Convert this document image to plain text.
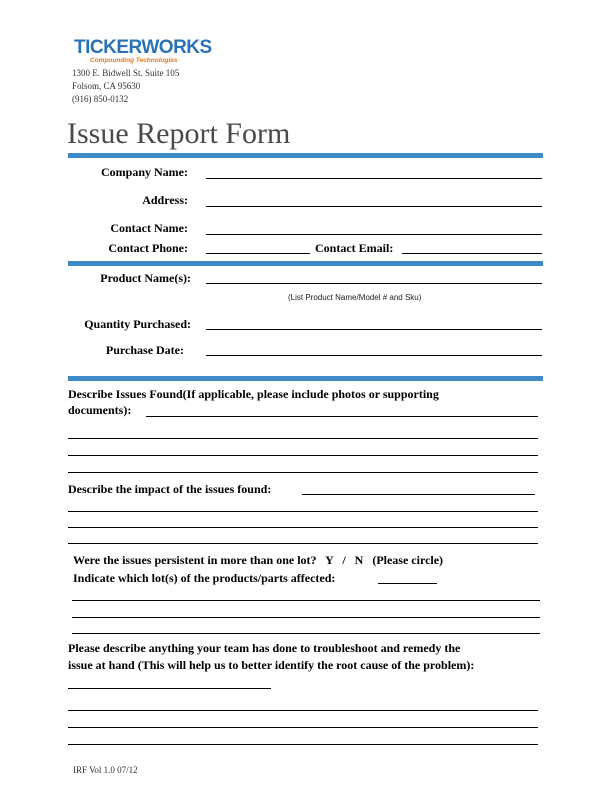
TICKERWORKS
Compounding Technologies
1300 E. Bidwell St. Suite 105
Folsom, CA 95630
(916) 850-0132
Issue Report Form
Company Name:
Address:
Contact Name:
Contact Phone:	Contact Email:
Product Name(s):
(List Product Name/Model # and Sku)
Quantity Purchased:
Purchase Date:
Describe Issues Found(If applicable, please include photos or supporting
documents):
Describe the impact of the issues found:
Were the issues persistent in more than one lot?   Y   /   N   (Please circle)
Indicate which lot(s) of the products/parts affected:
Please describe anything your team has done to troubleshoot and remedy the
issue at hand (This will help us to better identify the root cause of the problem):
IRF Vol 1.0 07/12
